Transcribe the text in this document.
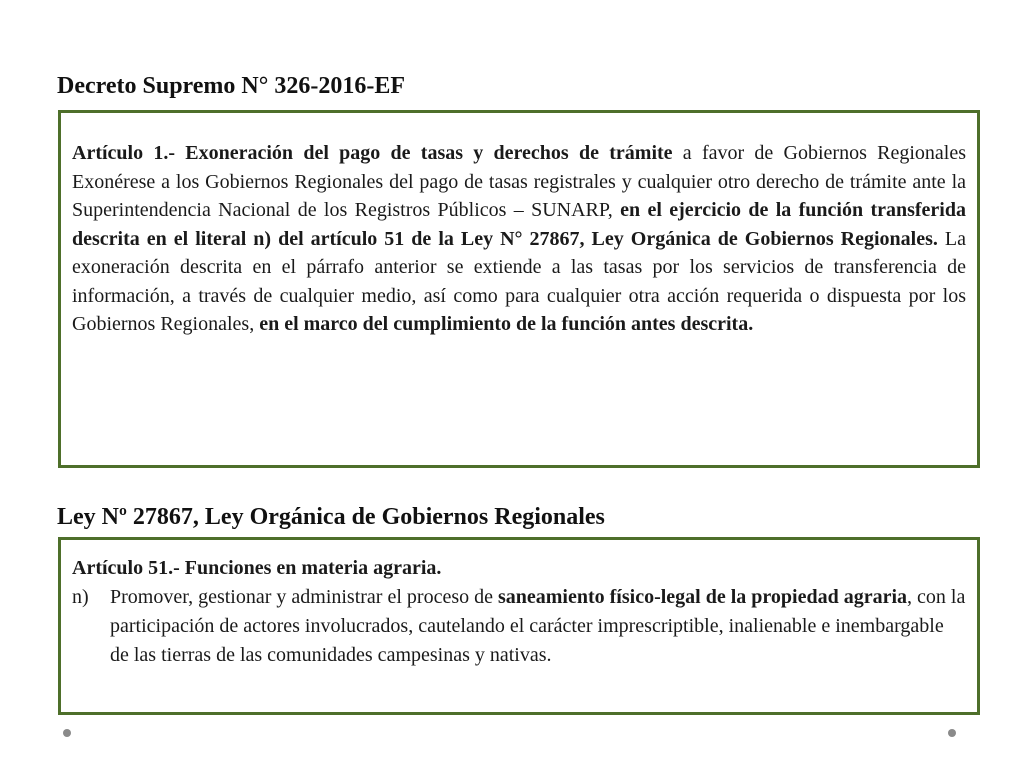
Decreto Supremo N° 326-2016-EF

Artículo 1.- Exoneración del pago de tasas y derechos de trámite a favor de Gobiernos Regionales Exonérese a los Gobiernos Regionales del pago de tasas registrales y cualquier otro derecho de trámite ante la Superintendencia Nacional de los Registros Públicos – SUNARP, en el ejercicio de la función transferida descrita en el literal n) del artículo 51 de la Ley N° 27867, Ley Orgánica de Gobiernos Regionales. La exoneración descrita en el párrafo anterior se extiende a las tasas por los servicios de transferencia de información, a través de cualquier medio, así como para cualquier otra acción requerida o dispuesta por los Gobiernos Regionales, en el marco del cumplimiento de la función antes descrita.

Ley Nº 27867, Ley Orgánica de Gobiernos Regionales

Artículo 51.- Funciones en materia agraria.

n)	Promover, gestionar y administrar el proceso de saneamiento físico-legal de la propiedad agraria, con la participación de actores involucrados, cautelando el carácter imprescriptible, inalienable e inembargable de las tierras de las comunidades campesinas y nativas.
